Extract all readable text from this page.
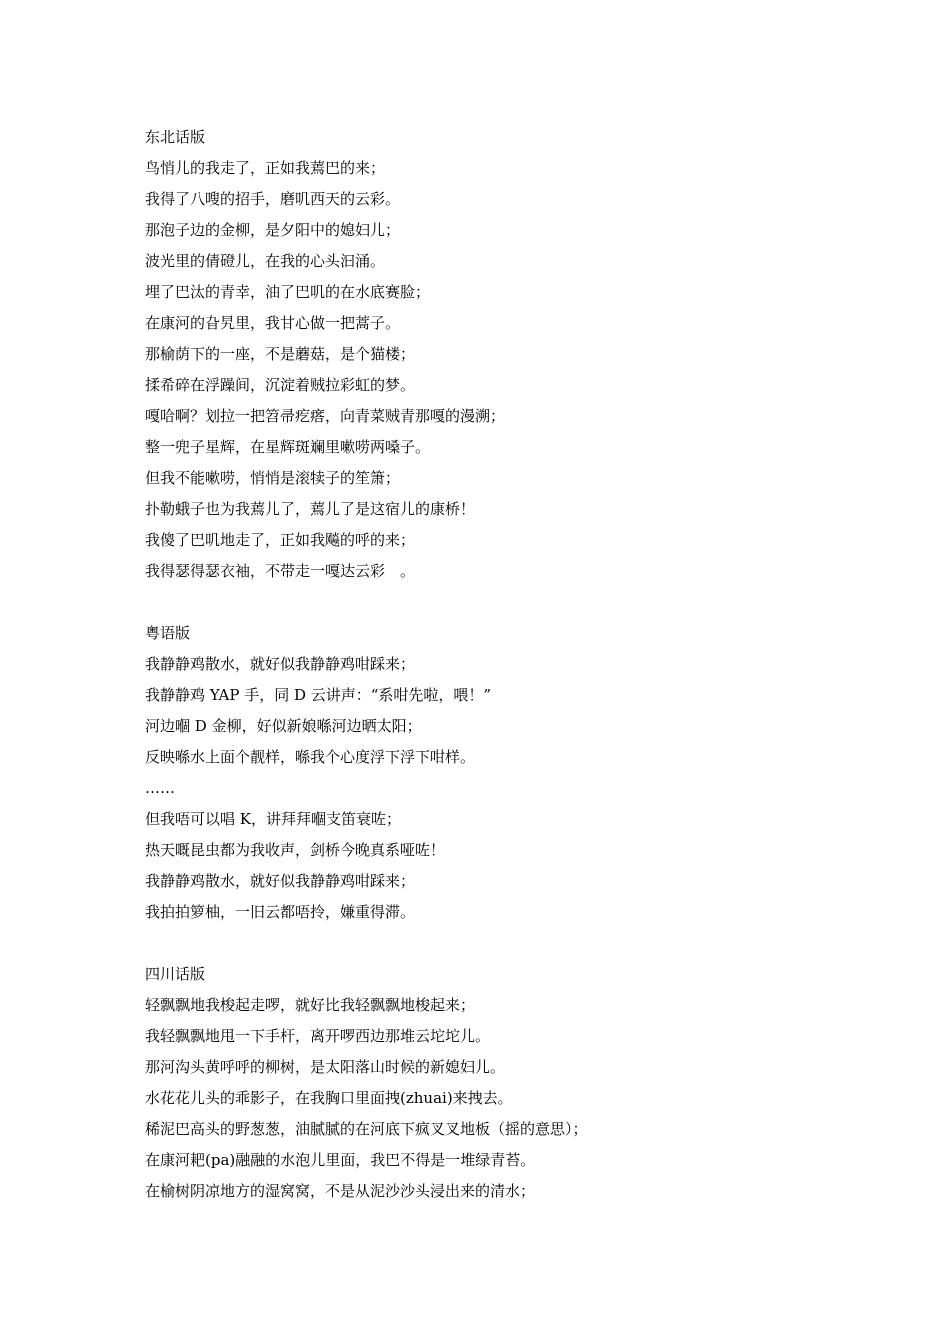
东北话版

鸟悄儿的我走了，正如我蔫巴的来；

我得了八嗖的招手，磨叽西天的云彩。

那泡子边的金柳，是夕阳中的媳妇儿；

波光里的倩磴儿，在我的心头汩涌。

埋了巴汰的青幸，油了巴叽的在水底赛脸；

在康河的旮旯里，我甘心做一把蒿子。

那榆荫下的一座，不是蘑菇，是个猫楼；

揉希碎在浮躁间，沉淀着贼拉彩虹的梦。

嘎哈啊？划拉一把笤帚疙瘩，向青菜贼青那嘎的漫溯；

整一兜子星辉，在星辉斑斓里嗽唠两嗓子。

但我不能嗽唠，悄悄是滚犊子的笙箫；

扑勒蛾子也为我蔫儿了，蔫儿了是这宿儿的康桥！

我傻了巴叽地走了，正如我飚的呼的来；

我得瑟得瑟衣袖，不带走一嘎达云彩　。

粤语版

我静静鸡散水，就好似我静静鸡咁踩来；

我静静鸡 YAP 手，同 D 云讲声：“系咁先啦，喂！”

河边嗰 D 金柳，好似新娘喺河边晒太阳；

反映喺水上面个靓样，喺我个心度浮下浮下咁样。

……

但我唔可以唱 K，讲拜拜嗰支笛衰咗；

热天嘅昆虫都为我收声，剑桥今晚真系哑咗！

我静静鸡散水，就好似我静静鸡咁踩来；

我拍拍箩柚，一旧云都唔拎，嫌重得滞。

四川话版

轻飘飘地我梭起走啰，就好比我轻飘飘地梭起来；

我轻飘飘地甩一下手杆，离开啰西边那堆云坨坨儿。

那河沟头黄呼呼的柳树，是太阳落山时候的新媳妇儿。

水花花儿头的乖影子，在我胸口里面拽(zhuai)来拽去。

稀泥巴高头的野葱葱，油腻腻的在河底下疯叉叉地板（摇的意思）；

在康河耙(pa)融融的水泡儿里面，我巴不得是一堆绿青苔。

在榆树阴凉地方的湿窝窝，不是从泥沙沙头浸出来的清水；
